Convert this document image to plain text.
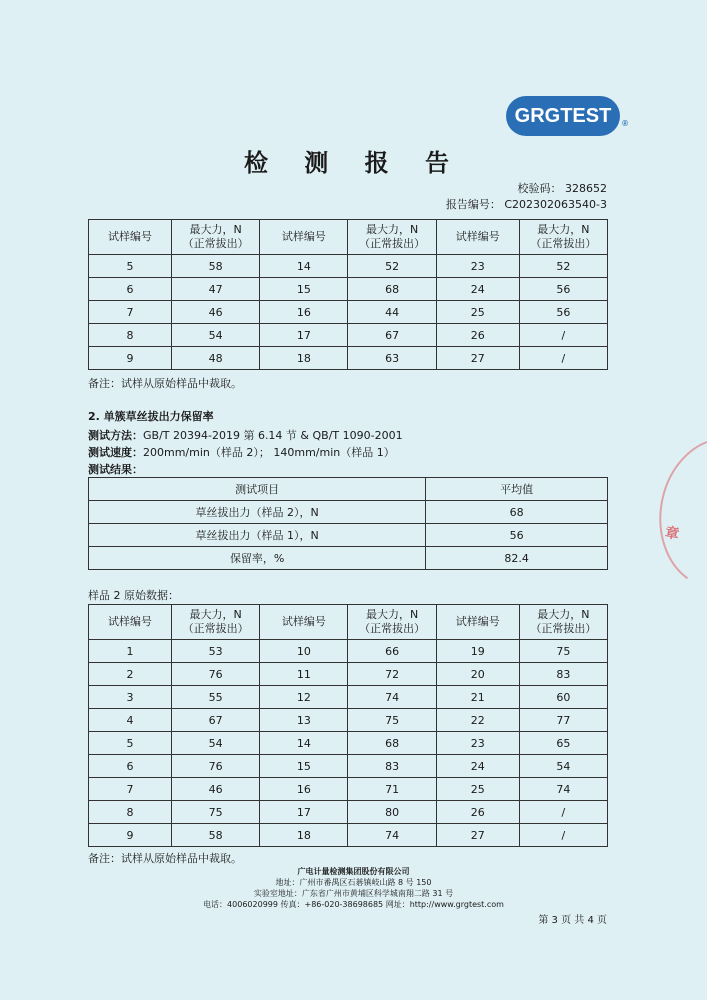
GRGTEST ®
检 测 报 告
校验码： 328652
报告编号： C202302063540-3
试样编号	最大力，N
（正常拔出）	试样编号	最大力，N
（正常拔出）	试样编号	最大力，N
（正常拔出）
5	58	14	52	23	52
6	47	15	68	24	56
7	46	16	44	25	56
8	54	17	67	26	/
9	48	18	63	27	/
备注：试样从原始样品中裁取。
2. 单簇草丝拔出力保留率
测试方法：GB/T 20394-2019 第 6.14 节 & QB/T 1090-2001
测试速度：200mm/min（样品 2）； 140mm/min（样品 1）
测试结果：
测试项目	平均值
草丝拔出力（样品 2），N	68
草丝拔出力（样品 1），N	56
保留率，%	82.4
样品 2 原始数据：
试样编号	最大力，N
（正常拔出）	试样编号	最大力，N
（正常拔出）	试样编号	最大力，N
（正常拔出）
1	53	10	66	19	75
2	76	11	72	20	83
3	55	12	74	21	60
4	67	13	75	22	77
5	54	14	68	23	65
6	76	15	83	24	54
7	46	16	71	25	74
8	75	17	80	26	/
9	58	18	74	27	/
备注：试样从原始样品中裁取。
广电计量检测集团股份有限公司
地址：广州市番禺区石碁镇岐山路 8 号 150
实验室地址：广东省广州市黄埔区科学城南翔二路 31 号
电话：4006020999 传真：+86-020-38698685 网址：http://www.grgtest.com
第 3 页 共 4 页
章
